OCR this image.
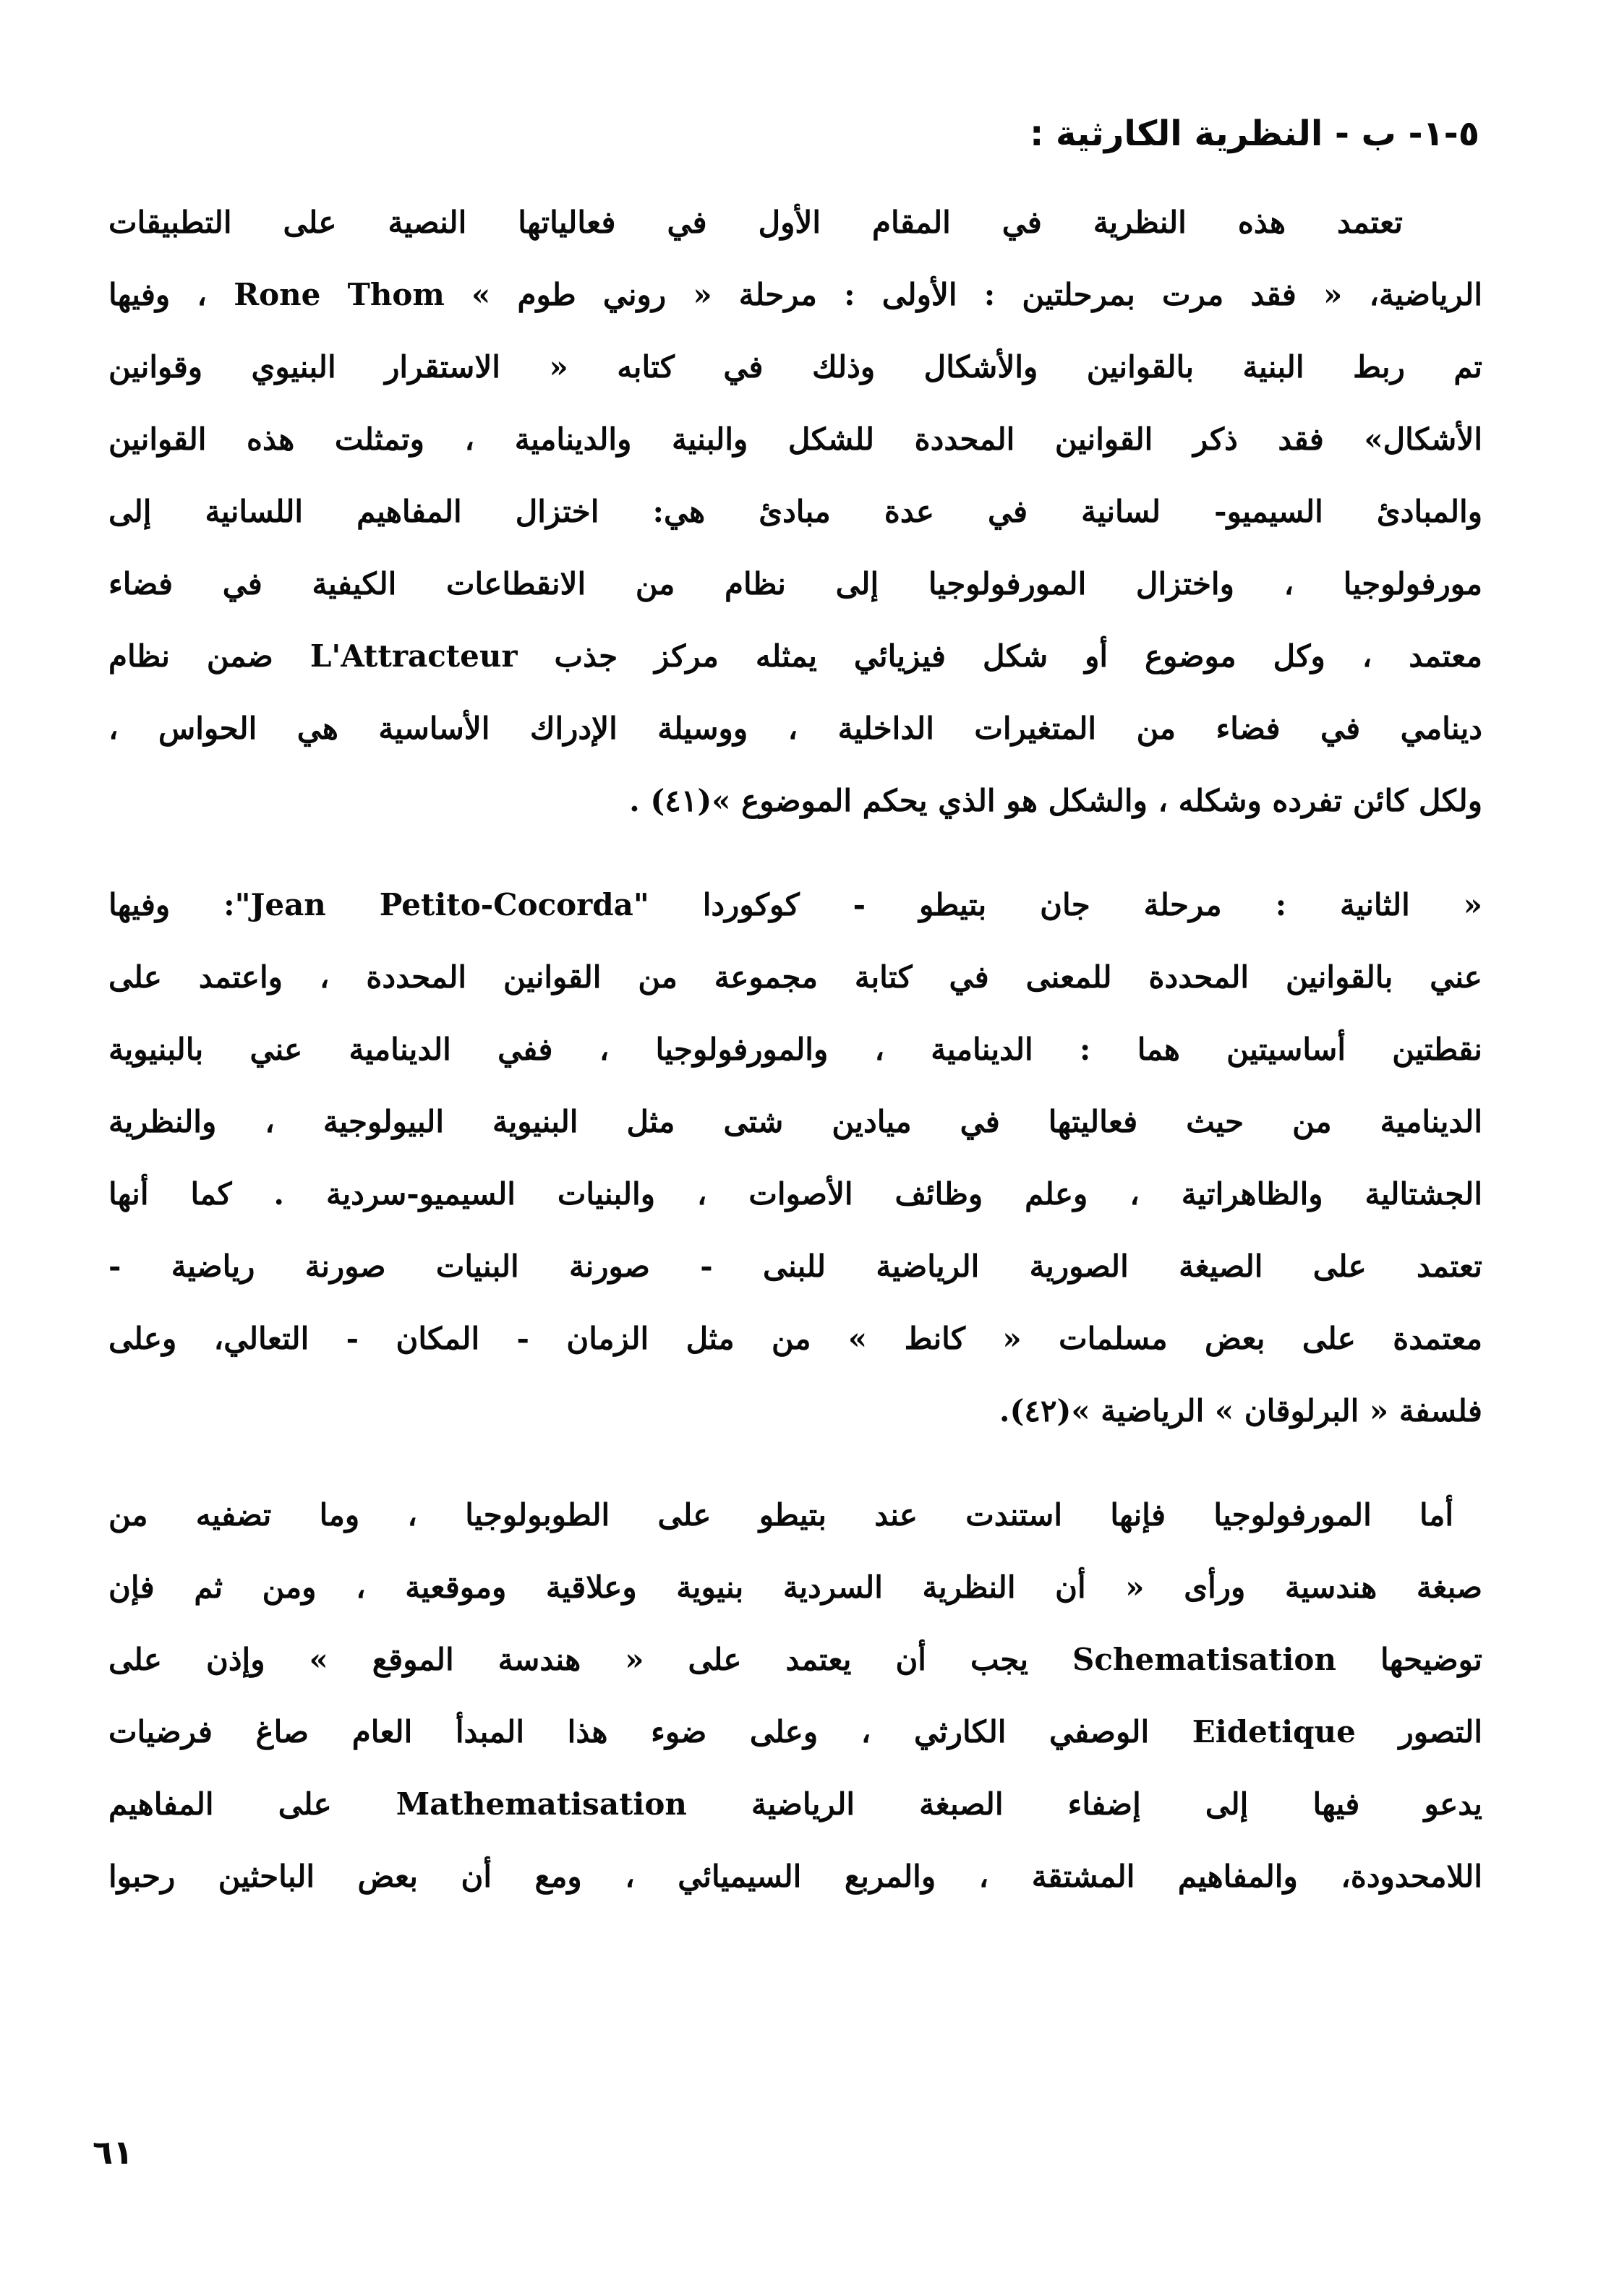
٥-١- ب - النظرية الكارثية :
تعتمد هذه النظرية في المقام الأول في فعالياتها النصية على التطبيقات
الرياضية، « فقد مرت بمرحلتين : الأولى : مرحلة « روني طوم » Rone Thom ، وفيها
تم ربط البنية بالقوانين والأشكال وذلك في كتابه « الاستقرار البنيوي وقوانين
الأشكال» فقد ذكر القوانين المحددة للشكل والبنية والدينامية ، وتمثلت هذه القوانين
والمبادئ السيميو- لسانية في عدة مبادئ هي: اختزال المفاهيم اللسانية إلى
مورفولوجيا ، واختزال المورفولوجيا إلى نظام من الانقطاعات الكيفية في فضاء
معتمد ، وكل موضوع أو شكل فيزيائي يمثله مركز جذب L'Attracteur ضمن نظام
دينامي في فضاء من المتغيرات الداخلية ، ووسيلة الإدراك الأساسية هي الحواس ،
ولكل كائن تفرده وشكله ، والشكل هو الذي يحكم الموضوع »(٤١) .
« الثانية : مرحلة جان بتيطو - كوكوردا "Jean Petito-Cocorda": وفيها
عني بالقوانين المحددة للمعنى في كتابة مجموعة من القوانين المحددة ، واعتمد على
نقطتين أساسيتين هما : الدينامية ، والمورفولوجيا ، ففي الدينامية عني بالبنيوية
الدينامية من حيث فعاليتها في ميادين شتى مثل البنيوية البيولوجية ، والنظرية
الجشتالية والظاهراتية ، وعلم وظائف الأصوات ، والبنيات السيميو-سردية . كما أنها
تعتمد على الصيغة الصورية الرياضية للبنى - صورنة البنيات صورنة رياضية -
معتمدة على بعض مسلمات « كانط » من مثل الزمان - المكان - التعالي، وعلى
فلسفة « البرلوقان » الرياضية »(٤٢).
أما المورفولوجيا فإنها استندت عند بتيطو على الطوبولوجيا ، وما تضفيه من
صبغة هندسية ورأى « أن النظرية السردية بنيوية وعلاقية وموقعية ، ومن ثم فإن
توضيحها Schematisation يجب أن يعتمد على « هندسة الموقع » وإذن على
التصور Eidetique الوصفي الكارثي ، وعلى ضوء هذا المبدأ العام صاغ فرضيات
يدعو فيها إلى إضفاء الصبغة الرياضية Mathematisation على المفاهيم
اللامحدودة، والمفاهيم المشتقة ، والمربع السيميائي ، ومع أن بعض الباحثين رحبوا
٦١
